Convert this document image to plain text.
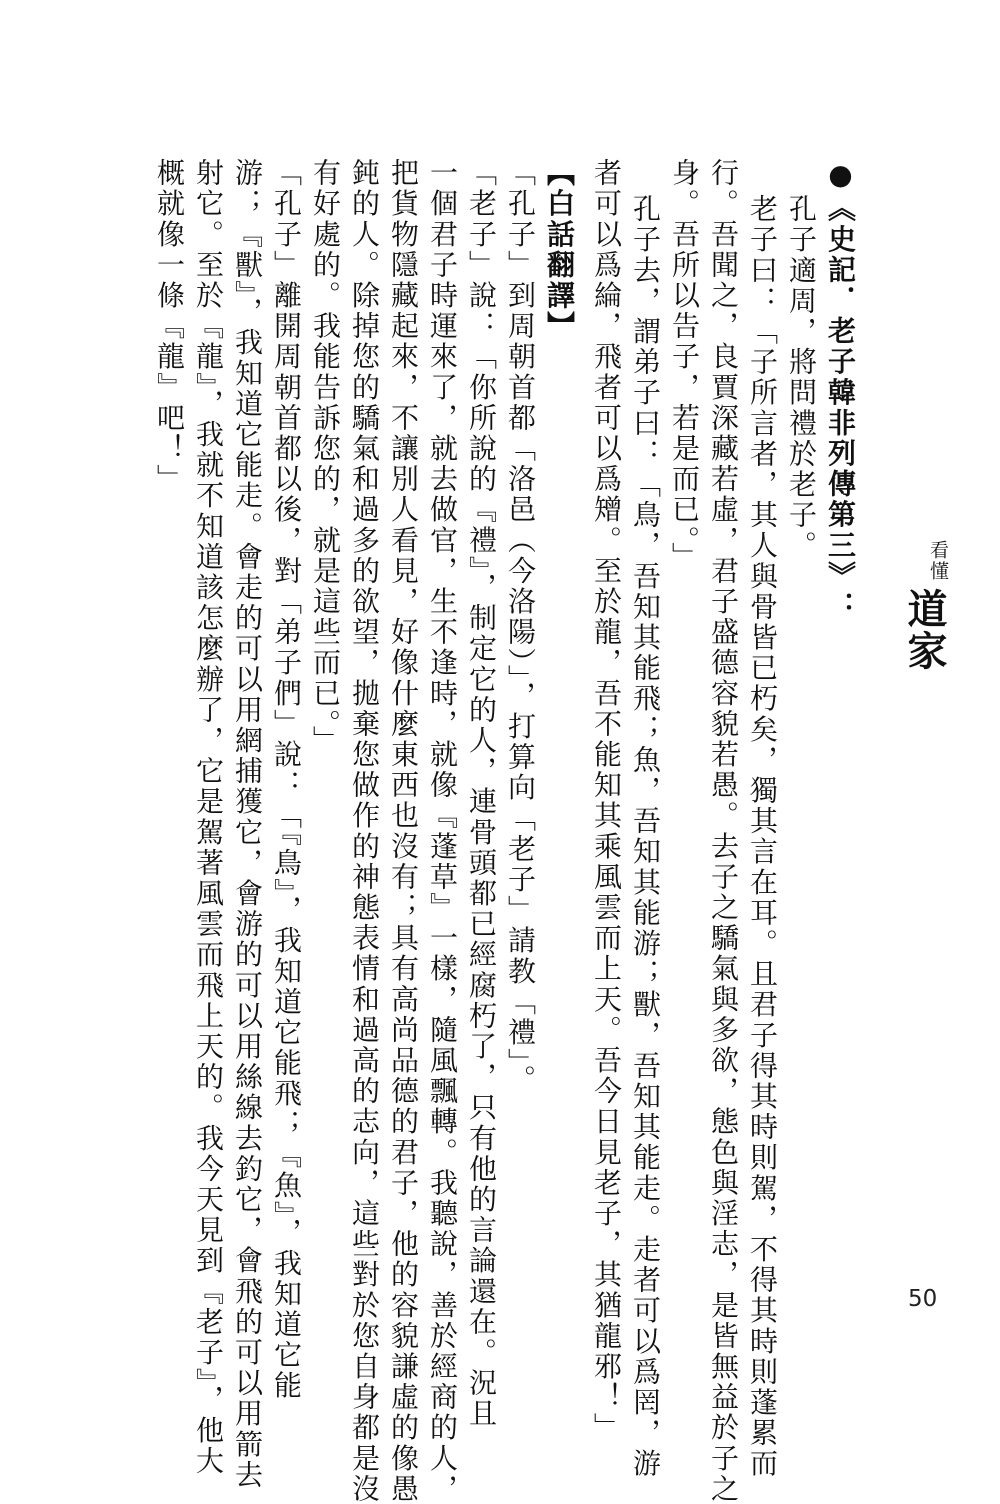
看懂
道家

●《史記．老子韓非列傳第三》：

孔子適周，將問禮於老子。

老子曰：「子所言者，其人與骨皆已朽矣，獨其言在耳。且君子得其時則駕，不得其時則蓬累而

行。吾聞之，良賈深藏若虛，君子盛德容貌若愚。去子之驕氣與多欲，態色與淫志，是皆無益於子之

身。吾所以告子，若是而已。」

孔子去，謂弟子曰：「鳥，吾知其能飛；魚，吾知其能游；獸，吾知其能走。走者可以爲罔，游

者可以爲綸，飛者可以爲矰。至於龍，吾不能知其乘風雲而上天。吾今日見老子，其猶龍邪！」

【白話翻譯】

「孔子」到周朝首都「洛邑（今洛陽）」，打算向「老子」請教「禮」。

「老子」說：「你所說的『禮』，制定它的人，連骨頭都已經腐朽了，只有他的言論還在。況且

一個君子時運來了，就去做官，生不逢時，就像『蓬草』一樣，隨風飄轉。我聽說，善於經商的人，

把貨物隱藏起來，不讓別人看見，好像什麼東西也沒有；具有高尚品德的君子，他的容貌謙虛的像愚

鈍的人。除掉您的驕氣和過多的欲望，拋棄您做作的神態表情和過高的志向，這些對於您自身都是沒

有好處的。我能告訴您的，就是這些而已。」

「孔子」離開周朝首都以後，對「弟子們」說：「『鳥』，我知道它能飛；『魚』，我知道它能

游；『獸』，我知道它能走。會走的可以用網捕獲它，會游的可以用絲線去釣它，會飛的可以用箭去

射它。至於『龍』，我就不知道該怎麼辦了，它是駕著風雲而飛上天的。我今天見到『老子』，他大

概就像一條『龍』吧！」

50
